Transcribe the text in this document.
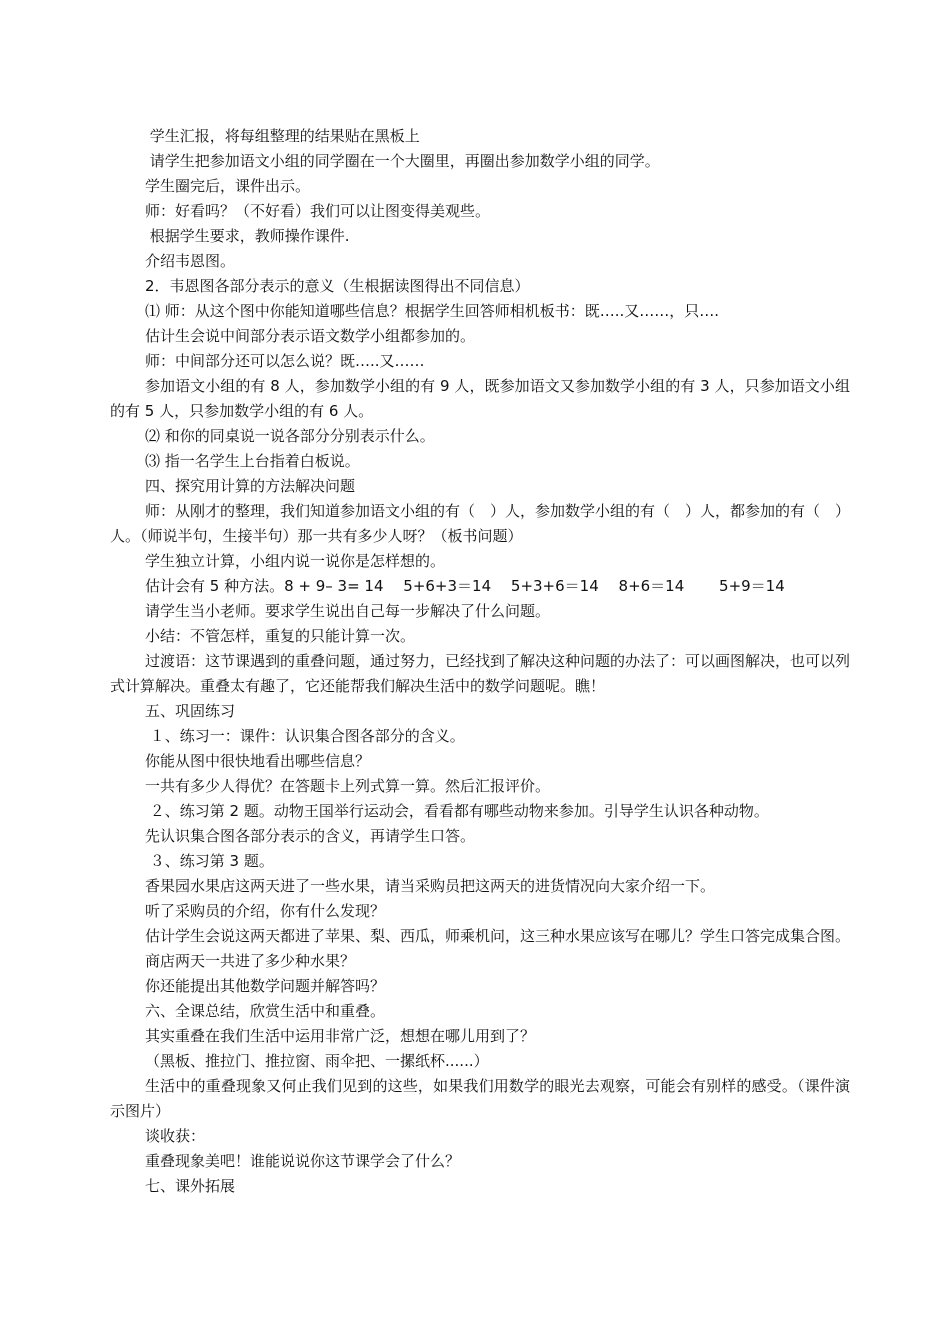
学生汇报，将每组整理的结果贴在黑板上

请学生把参加语文小组的同学圈在一个大圈里，再圈出参加数学小组的同学。

学生圈完后，课件出示。

师：好看吗？（不好看）我们可以让图变得美观些。

根据学生要求，教师操作课件.

介绍韦恩图。

2．韦恩图各部分表示的意义（生根据读图得出不同信息）

⑴ 师：从这个图中你能知道哪些信息？根据学生回答师相机板书：既…..又……，只….

估计生会说中间部分表示语文数学小组都参加的。

师：中间部分还可以怎么说？既…..又……

参加语文小组的有 8 人，参加数学小组的有 9 人，既参加语文又参加数学小组的有 3 人，只参加语文小组的有 5 人，只参加数学小组的有 6 人。

⑵ 和你的同桌说一说各部分分别表示什么。

⑶ 指一名学生上台指着白板说。

四、探究用计算的方法解决问题

师：从刚才的整理，我们知道参加语文小组的有（　）人，参加数学小组的有（　）人，都参加的有（　）人。（师说半句，生接半句）那一共有多少人呀？（板书问题）

学生独立计算，小组内说一说你是怎样想的。

估计会有 5 种方法。8 + 9– 3= 14　 5+6+3＝14　 5+3+6＝14　 8+6＝14　　 5+9＝14

请学生当小老师。要求学生说出自己每一步解决了什么问题。

小结：不管怎样，重复的只能计算一次。

过渡语：这节课遇到的重叠问题，通过努力，已经找到了解决这种问题的办法了：可以画图解决，也可以列式计算解决。重叠太有趣了，它还能帮我们解决生活中的数学问题呢。瞧！

五、巩固练习

１、练习一：课件：认识集合图各部分的含义。

你能从图中很快地看出哪些信息？

一共有多少人得优？在答题卡上列式算一算。然后汇报评价。

２、练习第 2 题。动物王国举行运动会，看看都有哪些动物来参加。引导学生认识各种动物。

先认识集合图各部分表示的含义，再请学生口答。

３、练习第 3 题。

香果园水果店这两天进了一些水果，请当采购员把这两天的进货情况向大家介绍一下。

听了采购员的介绍，你有什么发现？

估计学生会说这两天都进了苹果、梨、西瓜，师乘机问，这三种水果应该写在哪儿？学生口答完成集合图。

商店两天一共进了多少种水果？

你还能提出其他数学问题并解答吗？

六、全课总结，欣赏生活中和重叠。

其实重叠在我们生活中运用非常广泛，想想在哪儿用到了？

（黑板、推拉门、推拉窗、雨伞把、一摞纸杯......）

生活中的重叠现象又何止我们见到的这些，如果我们用数学的眼光去观察，可能会有别样的感受。（课件演示图片）

谈收获：

重叠现象美吧！谁能说说你这节课学会了什么？

七、课外拓展
